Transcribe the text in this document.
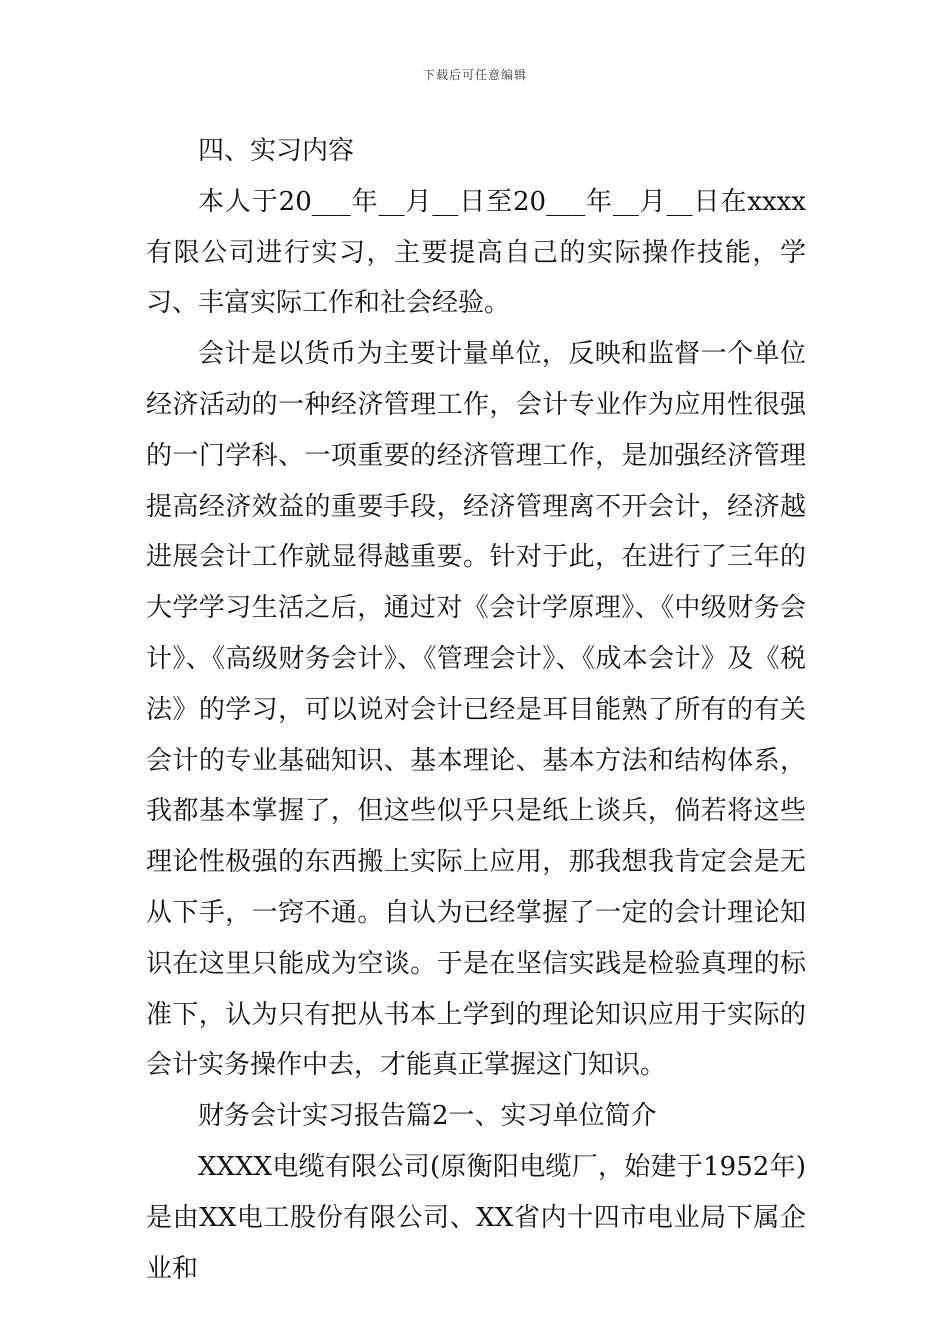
下载后可任意编辑

四、实习内容

本人于20___年__月__日至20___年__月__日在xxxx有限公司进行实习，主要提高自己的实际操作技能，学习、丰富实际工作和社会经验。

会计是以货币为主要计量单位，反映和监督一个单位经济活动的一种经济管理工作，会计专业作为应用性很强的一门学科、一项重要的经济管理工作，是加强经济管理提高经济效益的重要手段，经济管理离不开会计，经济越进展会计工作就显得越重要。针对于此，在进行了三年的大学学习生活之后，通过对《会计学原理》、《中级财务会计》、《高级财务会计》、《管理会计》、《成本会计》及《税法》的学习，可以说对会计已经是耳目能熟了所有的有关会计的专业基础知识、基本理论、基本方法和结构体系，我都基本掌握了，但这些似乎只是纸上谈兵，倘若将这些理论性极强的东西搬上实际上应用，那我想我肯定会是无从下手，一窍不通。自认为已经掌握了一定的会计理论知识在这里只能成为空谈。于是在坚信实践是检验真理的标准下，认为只有把从书本上学到的理论知识应用于实际的会计实务操作中去，才能真正掌握这门知识。

财务会计实习报告篇2一、实习单位简介

XXXX电缆有限公司(原衡阳电缆厂，始建于1952年)是由XX电工股份有限公司、XX省内十四市电业局下属企业和
